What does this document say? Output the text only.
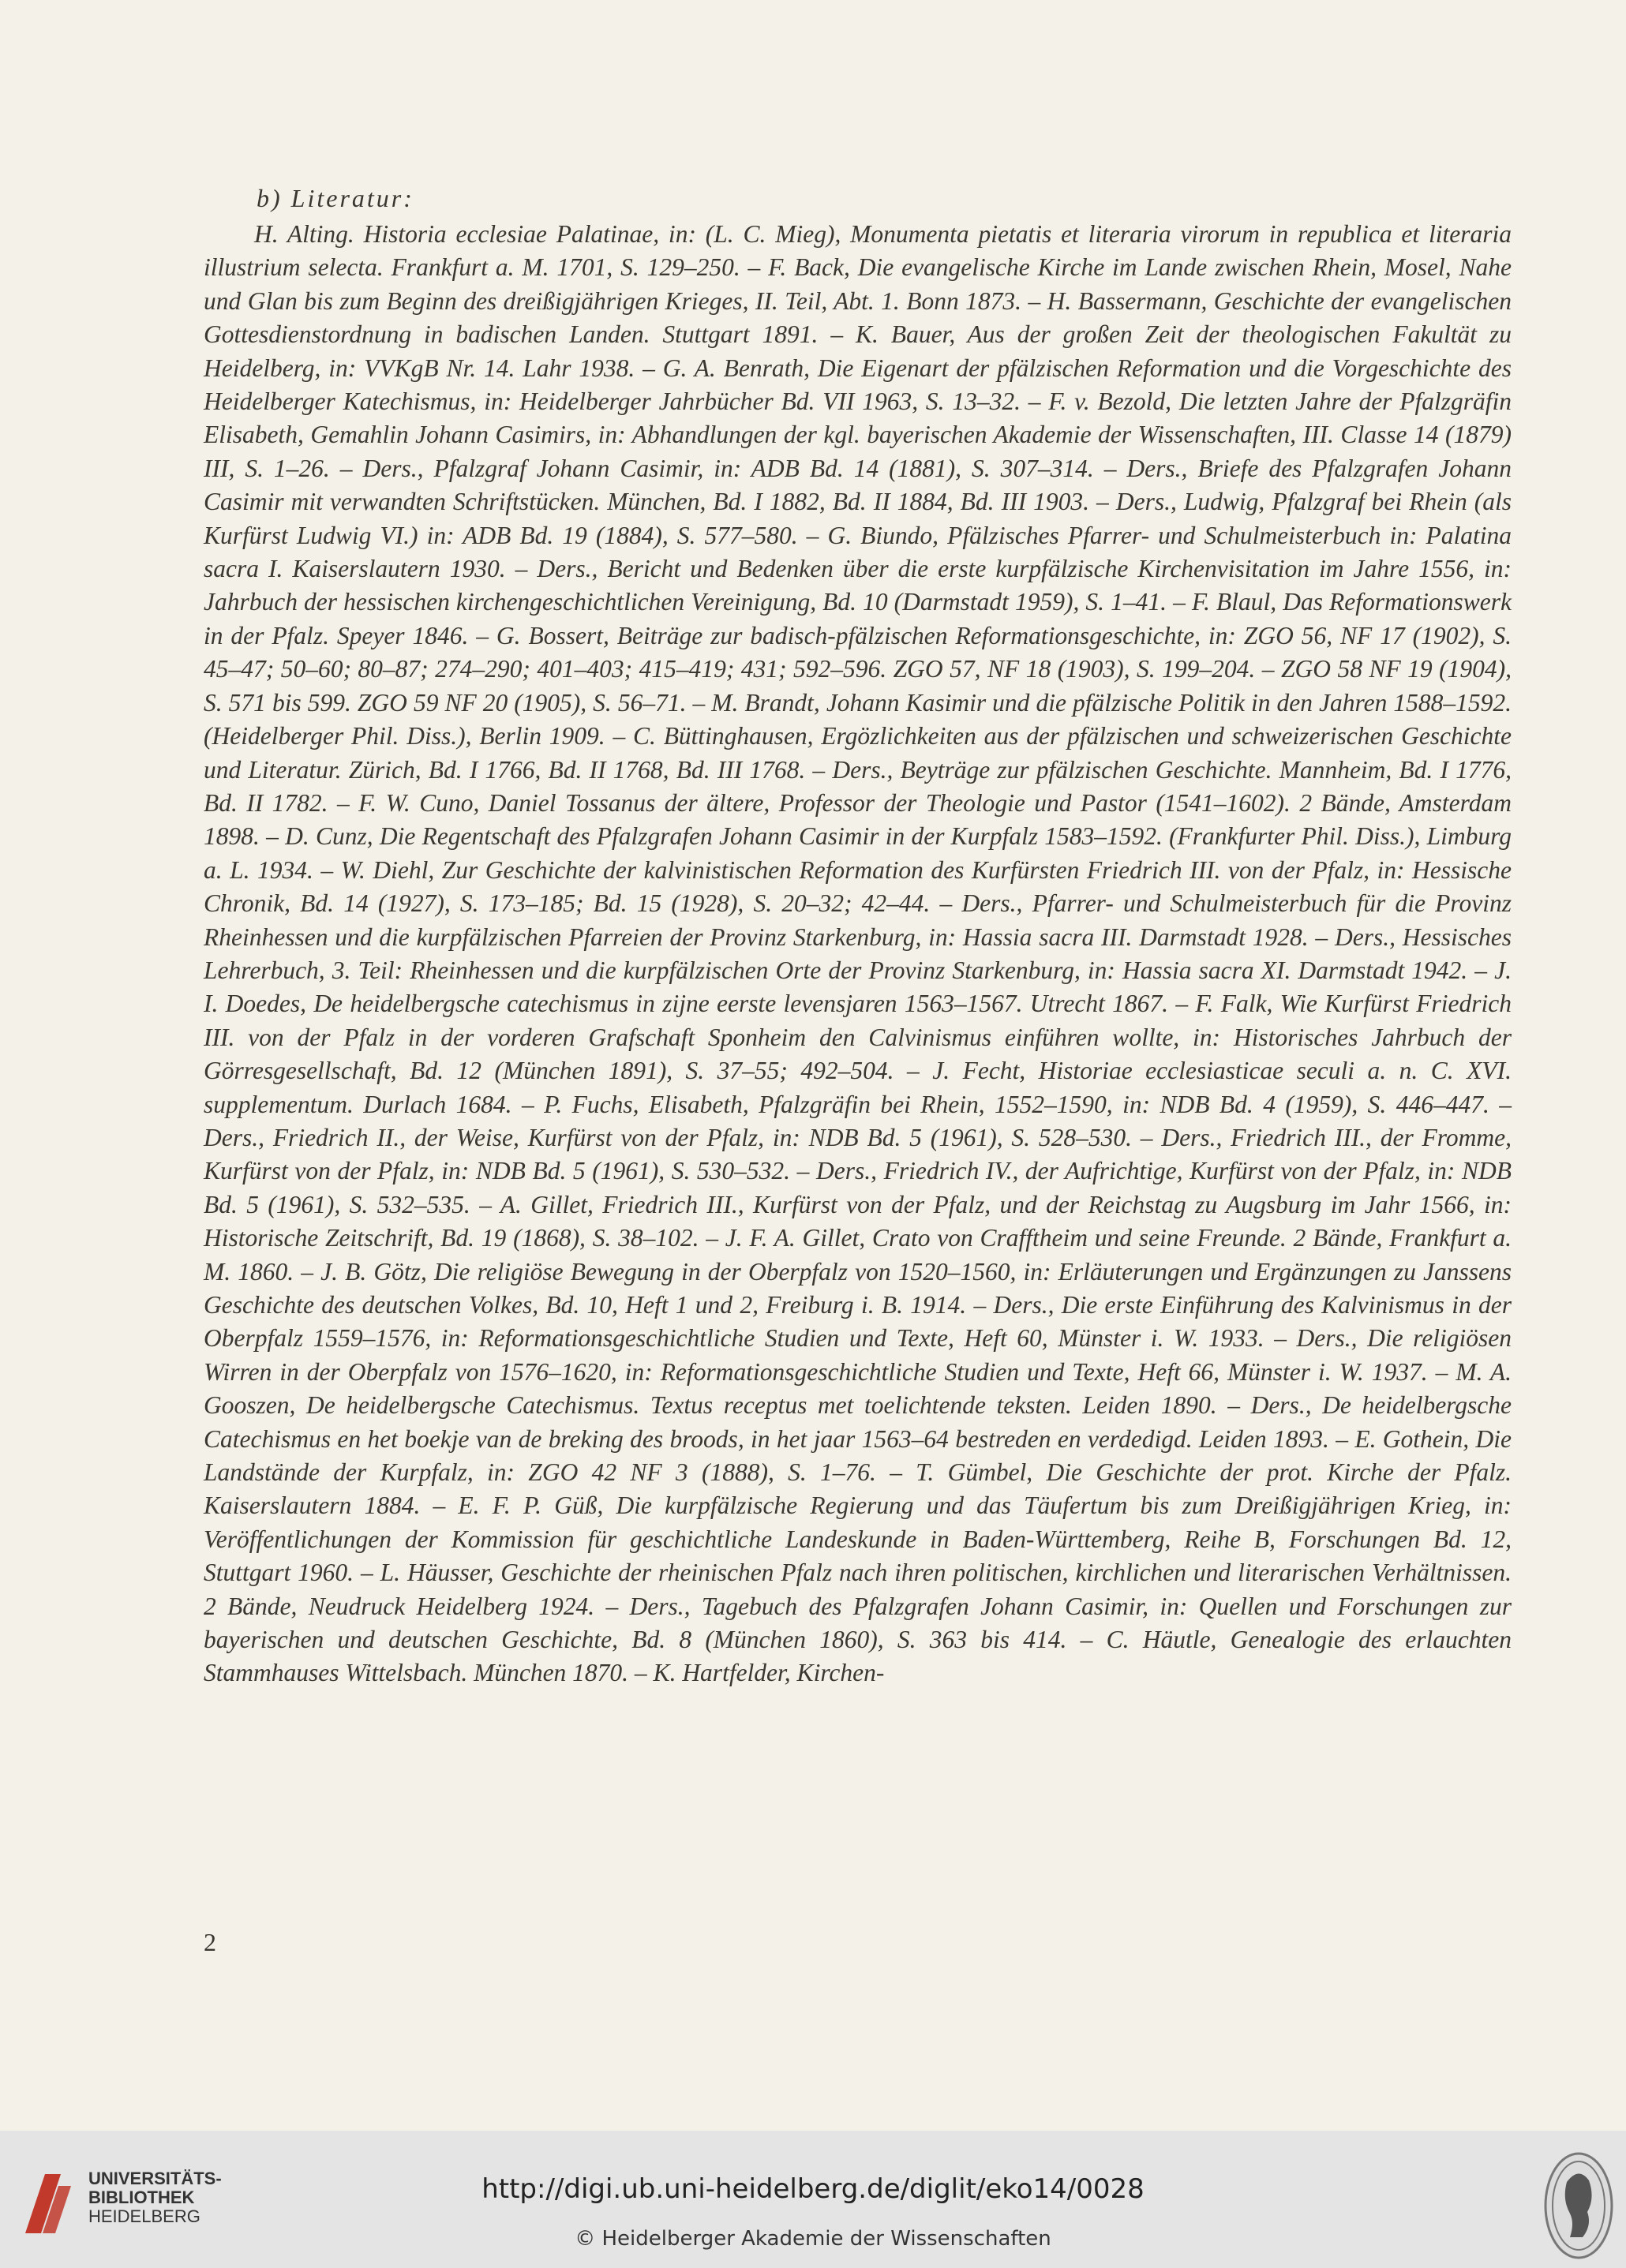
b) Literatur:

H. Alting. Historia ecclesiae Palatinae, in: (L. C. Mieg), Monumenta pietatis et literaria virorum in republica et literaria illustrium selecta. Frankfurt a. M. 1701, S. 129–250. – F. Back, Die evangelische Kirche im Lande zwischen Rhein, Mosel, Nahe und Glan bis zum Beginn des dreißigjährigen Krieges, II. Teil, Abt. 1. Bonn 1873. – H. Bassermann, Geschichte der evangelischen Gottesdienstordnung in badischen Landen. Stuttgart 1891. – K. Bauer, Aus der großen Zeit der theologischen Fakultät zu Heidelberg, in: VVKgB Nr. 14. Lahr 1938. – G. A. Benrath, Die Eigenart der pfälzischen Reformation und die Vorgeschichte des Heidelberger Katechismus, in: Heidelberger Jahrbücher Bd. VII 1963, S. 13–32. – F. v. Bezold, Die letzten Jahre der Pfalzgräfin Elisabeth, Gemahlin Johann Casimirs, in: Abhandlungen der kgl. bayerischen Akademie der Wissenschaften, III. Classe 14 (1879) III, S. 1–26. – Ders., Pfalzgraf Johann Casimir, in: ADB Bd. 14 (1881), S. 307–314. – Ders., Briefe des Pfalzgrafen Johann Casimir mit verwandten Schriftstücken. München, Bd. I 1882, Bd. II 1884, Bd. III 1903. – Ders., Ludwig, Pfalzgraf bei Rhein (als Kurfürst Ludwig VI.) in: ADB Bd. 19 (1884), S. 577–580. – G. Biundo, Pfälzisches Pfarrer- und Schulmeisterbuch in: Palatina sacra I. Kaiserslautern 1930. – Ders., Bericht und Bedenken über die erste kurpfälzische Kirchenvisitation im Jahre 1556, in: Jahrbuch der hessischen kirchengeschichtlichen Vereinigung, Bd. 10 (Darmstadt 1959), S. 1–41. – F. Blaul, Das Reformationswerk in der Pfalz. Speyer 1846. – G. Bossert, Beiträge zur badisch-pfälzischen Reformationsgeschichte, in: ZGO 56, NF 17 (1902), S. 45–47; 50–60; 80–87; 274–290; 401–403; 415–419; 431; 592–596. ZGO 57, NF 18 (1903), S. 199–204. – ZGO 58 NF 19 (1904), S. 571 bis 599. ZGO 59 NF 20 (1905), S. 56–71. – M. Brandt, Johann Kasimir und die pfälzische Politik in den Jahren 1588–1592. (Heidelberger Phil. Diss.), Berlin 1909. – C. Büttinghausen, Ergözlichkeiten aus der pfälzischen und schweizerischen Geschichte und Literatur. Zürich, Bd. I 1766, Bd. II 1768, Bd. III 1768. – Ders., Beyträge zur pfälzischen Geschichte. Mannheim, Bd. I 1776, Bd. II 1782. – F. W. Cuno, Daniel Tossanus der ältere, Professor der Theologie und Pastor (1541–1602). 2 Bände, Amsterdam 1898. – D. Cunz, Die Regentschaft des Pfalzgrafen Johann Casimir in der Kurpfalz 1583–1592. (Frankfurter Phil. Diss.), Limburg a. L. 1934. – W. Diehl, Zur Geschichte der kalvinistischen Reformation des Kurfürsten Friedrich III. von der Pfalz, in: Hessische Chronik, Bd. 14 (1927), S. 173–185; Bd. 15 (1928), S. 20–32; 42–44. – Ders., Pfarrer- und Schulmeisterbuch für die Provinz Rheinhessen und die kurpfälzischen Pfarreien der Provinz Starkenburg, in: Hassia sacra III. Darmstadt 1928. – Ders., Hessisches Lehrerbuch, 3. Teil: Rheinhessen und die kurpfälzischen Orte der Provinz Starkenburg, in: Hassia sacra XI. Darmstadt 1942. – J. I. Doedes, De heidelbergsche catechismus in zijne eerste levensjaren 1563–1567. Utrecht 1867. – F. Falk, Wie Kurfürst Friedrich III. von der Pfalz in der vorderen Grafschaft Sponheim den Calvinismus einführen wollte, in: Historisches Jahrbuch der Görresgesellschaft, Bd. 12 (München 1891), S. 37–55; 492–504. – J. Fecht, Historiae ecclesiasticae seculi a. n. C. XVI. supplementum. Durlach 1684. – P. Fuchs, Elisabeth, Pfalzgräfin bei Rhein, 1552–1590, in: NDB Bd. 4 (1959), S. 446–447. – Ders., Friedrich II., der Weise, Kurfürst von der Pfalz, in: NDB Bd. 5 (1961), S. 528–530. – Ders., Friedrich III., der Fromme, Kurfürst von der Pfalz, in: NDB Bd. 5 (1961), S. 530–532. – Ders., Friedrich IV., der Aufrichtige, Kurfürst von der Pfalz, in: NDB Bd. 5 (1961), S. 532–535. – A. Gillet, Friedrich III., Kurfürst von der Pfalz, und der Reichstag zu Augsburg im Jahr 1566, in: Historische Zeitschrift, Bd. 19 (1868), S. 38–102. – J. F. A. Gillet, Crato von Crafftheim und seine Freunde. 2 Bände, Frankfurt a. M. 1860. – J. B. Götz, Die religiöse Bewegung in der Oberpfalz von 1520–1560, in: Erläuterungen und Ergänzungen zu Janssens Geschichte des deutschen Volkes, Bd. 10, Heft 1 und 2, Freiburg i. B. 1914. – Ders., Die erste Einführung des Kalvinismus in der Oberpfalz 1559–1576, in: Reformationsgeschichtliche Studien und Texte, Heft 60, Münster i. W. 1933. – Ders., Die religiösen Wirren in der Oberpfalz von 1576–1620, in: Reformationsgeschichtliche Studien und Texte, Heft 66, Münster i. W. 1937. – M. A. Gooszen, De heidelbergsche Catechismus. Textus receptus met toelichtende teksten. Leiden 1890. – Ders., De heidelbergsche Catechismus en het boekje van de breking des broods, in het jaar 1563–64 bestreden en verdedigd. Leiden 1893. – E. Gothein, Die Landstände der Kurpfalz, in: ZGO 42 NF 3 (1888), S. 1–76. – T. Gümbel, Die Geschichte der prot. Kirche der Pfalz. Kaiserslautern 1884. – E. F. P. Güß, Die kurpfälzische Regierung und das Täufertum bis zum Dreißigjährigen Krieg, in: Veröffentlichungen der Kommission für geschichtliche Landeskunde in Baden-Württemberg, Reihe B, Forschungen Bd. 12, Stuttgart 1960. – L. Häusser, Geschichte der rheinischen Pfalz nach ihren politischen, kirchlichen und literarischen Verhältnissen. 2 Bände, Neudruck Heidelberg 1924. – Ders., Tagebuch des Pfalzgrafen Johann Casimir, in: Quellen und Forschungen zur bayerischen und deutschen Geschichte, Bd. 8 (München 1860), S. 363 bis 414. – C. Häutle, Genealogie des erlauchten Stammhauses Wittelsbach. München 1870. – K. Hartfelder, Kirchen-

2
UNIVERSITÄTS-
BIBLIOTHEK
HEIDELBERG
http://digi.ub.uni-heidelberg.de/diglit/eko14/0028
© Heidelberger Akademie der Wissenschaften
